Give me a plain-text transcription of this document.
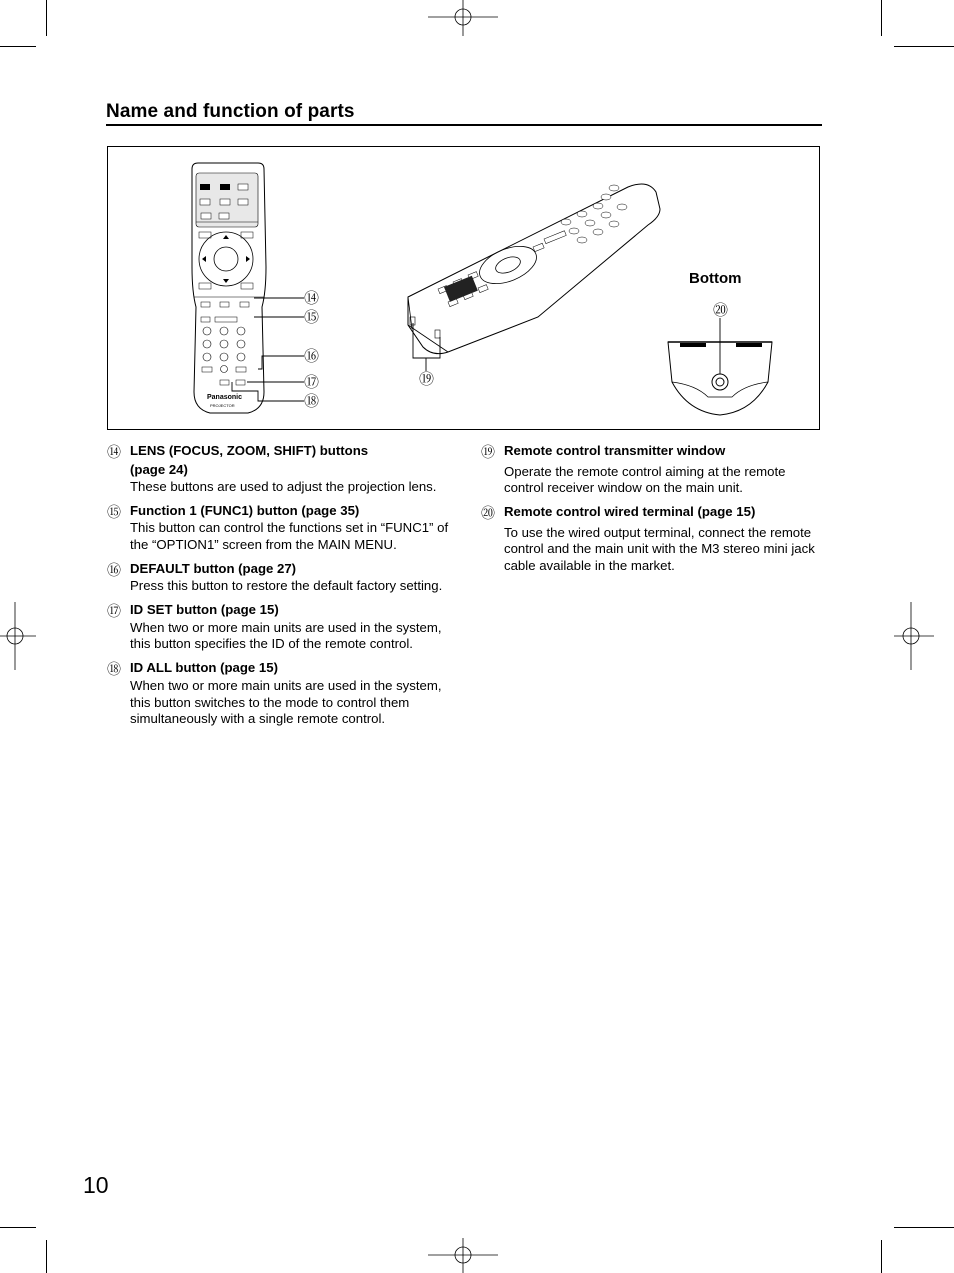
Name and function of parts
Panasonic
PROJECTOR
⑭
⑮
⑯
⑰
⑱
⑲
⑳
Bottom
⑭ LENS (FOCUS, ZOOM, SHIFT) buttons
(page 24)

These buttons are used to adjust the projection lens.

⑮ Function 1 (FUNC1) button (page 35)

This button can control the functions set in “FUNC1” of the “OPTION1” screen from the MAIN MENU.

⑯ DEFAULT button (page 27)

Press this button to restore the default factory setting.

⑰ ID SET button (page 15)

When two or more main units are used in the system, this button specifies the ID of the remote control.

⑱ ID ALL button (page 15)

When two or more main units are used in the system, this button switches to the mode to control them simultaneously with a single remote control.

⑲ Remote control transmitter window

Operate the remote control aiming at the remote control receiver window on the main unit.

⑳ Remote control wired terminal (page 15)

To use the wired output terminal, connect the remote control and the main unit with the M3 stereo mini jack cable available in the market.

10
